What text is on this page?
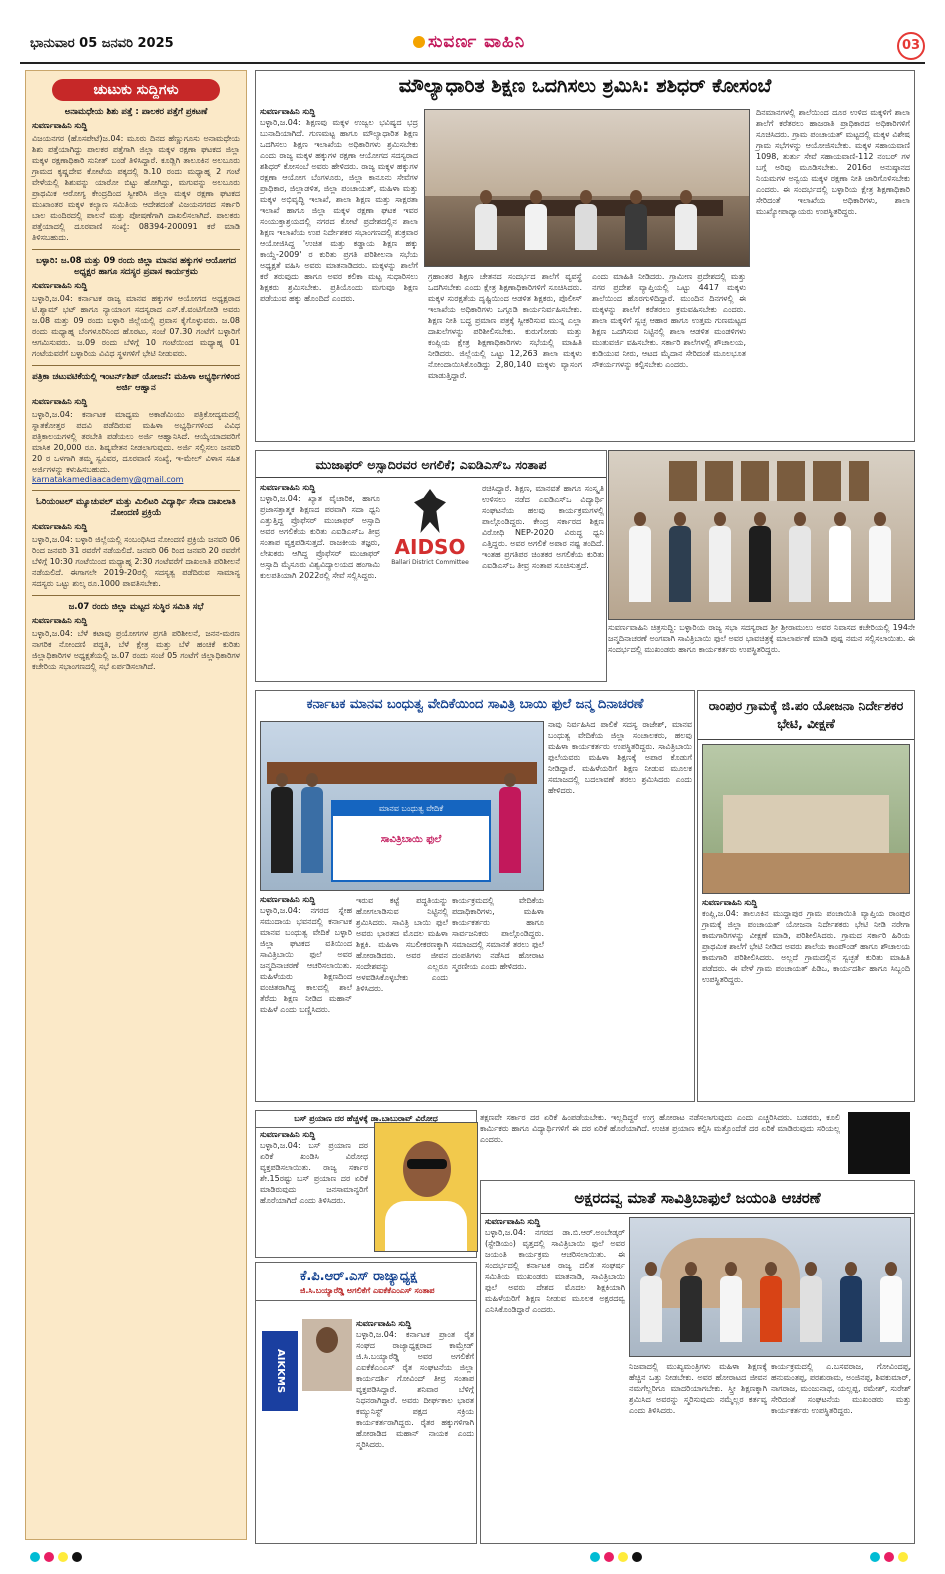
ಭಾನುವಾರ 05 ಜನವರಿ 2025	ಸುವರ್ಣ ವಾಹಿನಿ	03
ಚುಟುಕು ಸುದ್ದಿಗಳು
ಅನಾಮಧೇಯ ಶಿಶು ಪತ್ತೆ : ಪಾಲಕರ ಪತ್ತೆಗೆ ಪ್ರಕಟಣೆ
ಸುವರ್ಣವಾಹಿನಿ ಸುದ್ದಿ
ವಿಜಯನಗರ (ಹೊಸಪೇಟೆ)ಜ.04: ಮೂರು ದಿನದ ಹೆಣ್ಣುಗೂಸು ಅನಾಮಧೇಯ ಶಿಶು ಪತ್ತೆಯಾಗಿದ್ದು ಪಾಲಕರ ಪತ್ತೆಗಾಗಿ ಜಿಲ್ಲಾ ಮಕ್ಕಳ ರಕ್ಷಣಾ ಘಟಕದ ಜಿಲ್ಲಾ ಮಕ್ಕಳ ರಕ್ಷಣಾಧಿಕಾರಿ ಸುನೀತ್ ಬಂಡೆ ತಿಳಿಸಿದ್ದಾರೆ. ಕೂಡ್ಲಿಗಿ ತಾಲೂಕಿನ ಅಲಬೂರು ಗ್ರಾಮದ ಕೃಷ್ಣದೇವ ಕೋಟೆಯ ಪಕ್ಕದಲ್ಲಿ ಡಿ.10 ರಂದು ಮಧ್ಯಾಹ್ನ 2 ಗಂಟೆ ವೇಳೆಯಲ್ಲಿ ಶಿಶುವನ್ನು ಯಾರೋ ಬಿಟ್ಟು ಹೋಗಿದ್ದು, ಮಗುವನ್ನು ಅಲಬೂರು ಪ್ರಾಥಮಿಕ ಆರೋಗ್ಯ ಕೇಂದ್ರದಿಂದ ಸ್ವೀಕರಿಸಿ ಜಿಲ್ಲಾ ಮಕ್ಕಳ ರಕ್ಷಣಾ ಘಟಕದ ಮುಖಾಂತರ ಮಕ್ಕಳ ಕಲ್ಯಾಣ ಸಮಿತಿಯ ಆದೇಶದಂತೆ ವಿಜಯನಗರದ ಸರ್ಕಾರಿ ಬಾಲ ಮಂದಿರದಲ್ಲಿ ಪಾಲನೆ ಮತ್ತು ಪೋಷಣೆಗಾಗಿ ದಾಖಲಿಸಲಾಗಿದೆ. ಪಾಲಕರು ಪತ್ತೆಯಾದಲ್ಲಿ ದೂರವಾಣಿ ಸಂಖ್ಯೆ: 08394-200091 ಕರೆ ಮಾಡಿ ತಿಳಿಸಬಹುದು.
ಬಳ್ಳಾರಿ: ಜ.08 ಮತ್ತು 09 ರಂದು ಜಿಲ್ಲಾ ಮಾನವ ಹಕ್ಕುಗಳ ಆಯೋಗದ ಅಧ್ಯಕ್ಷರ ಹಾಗೂ ಸದಸ್ಯರ ಪ್ರವಾಸ ಕಾರ್ಯಕ್ರಮ
ಸುವರ್ಣವಾಹಿನಿ ಸುದ್ದಿ
ಬಳ್ಳಾರಿ,ಜ.04: ಕರ್ನಾಟಕ ರಾಜ್ಯ ಮಾನವ ಹಕ್ಕುಗಳ ಆಯೋಗದ ಅಧ್ಯಕ್ಷರಾದ ಟಿ.ಶ್ಯಾಮ್ ಭಟ್ ಹಾಗೂ ನ್ಯಾಯಾಂಗ ಸದಸ್ಯರಾದ ಎಸ್.ಕೆ.ವಂಟಿಗೋಡಿ ಅವರು ಜ.08 ಮತ್ತು 09 ರಂದು ಬಳ್ಳಾರಿ ಜಿಲ್ಲೆಯಲ್ಲಿ ಪ್ರವಾಸ ಕೈಗೊಳ್ಳುವರು. ಜ.08 ರಂದು ಮಧ್ಯಾಹ್ನ ಬೆಂಗಳೂರಿನಿಂದ ಹೊರಟು, ಸಂಜೆ 07.30 ಗಂಟೆಗೆ ಬಳ್ಳಾರಿಗೆ ಆಗಮಿಸುವರು. ಜ.09 ರಂದು ಬೆಳಿಗ್ಗೆ 10 ಗಂಟೆಯಿಂದ ಮಧ್ಯಾಹ್ನ 01 ಗಂಟೆಯವರೆಗೆ ಬಳ್ಳಾರಿಯ ವಿವಿಧ ಸ್ಥಳಗಳಿಗೆ ಭೇಟಿ ನೀಡುವರು.
ಪತ್ರಿಕಾ ಚಟುವಟಿಕೆಯಲ್ಲಿ ಇಂಟರ್ನ್‌ಶಿಪ್ ಯೋಜನೆ: ಮಹಿಳಾ ಅಭ್ಯರ್ಥಿಗಳಿಂದ ಅರ್ಜಿ ಆಹ್ವಾನ
ಸುವರ್ಣವಾಹಿನಿ ಸುದ್ದಿ
ಬಳ್ಳಾರಿ,ಜ.04: ಕರ್ನಾಟಕ ಮಾಧ್ಯಮ ಅಕಾಡೆಮಿಯು ಪತ್ರಿಕೋದ್ಯಮದಲ್ಲಿ ಸ್ನಾತಕೋತ್ತರ ಪದವಿ ಪಡೆದಿರುವ ಮಹಿಳಾ ಅಭ್ಯರ್ಥಿಗಳಿಂದ ವಿವಿಧ ಪತ್ರಿಕಾಲಯಗಳಲ್ಲಿ ತರಬೇತಿ ಪಡೆಯಲು ಅರ್ಜಿ ಆಹ್ವಾನಿಸಿದೆ. ಆಯ್ಕೆಯಾದವರಿಗೆ ಮಾಸಿಕ 20,000 ರೂ. ಶಿಷ್ಯವೇತನ ನೀಡಲಾಗುವುದು. ಅರ್ಜಿ ಸಲ್ಲಿಸಲು ಜನವರಿ 20 ರ ಒಳಗಾಗಿ ತಮ್ಮ ಸ್ವವಿವರ, ದೂರವಾಣಿ ಸಂಖ್ಯೆ, ಇ-ಮೇಲ್ ವಿಳಾಸ ಸಹಿತ ಅರ್ಜಿಗಳನ್ನು ಕಳುಹಿಸಬಹುದು.
karnatakamediaacademy@gmail.com
ಓರಿಯಂಟಲ್ ಮ್ಯೂಚುವಲ್ ಮತ್ತು ಮಿಲಿಟರಿ ವಿದ್ಯಾರ್ಥಿ ಸೇವಾ ದಾಖಲಾತಿ ನೋಂದಣಿ ಪ್ರಕ್ರಿಯೆ
ಸುವರ್ಣವಾಹಿನಿ ಸುದ್ದಿ
ಬಳ್ಳಾರಿ,ಜ.04: ಬಳ್ಳಾರಿ ಜಿಲ್ಲೆಯಲ್ಲಿ ಸಂಬಂಧಿಸಿದ ನೋಂದಣಿ ಪ್ರಕ್ರಿಯೆ ಜನವರಿ 06 ರಿಂದ ಜನವರಿ 31 ರವರೆಗೆ ನಡೆಯಲಿದೆ. ಜನವರಿ 06 ರಿಂದ ಜನವರಿ 20 ರವರೆಗೆ ಬೆಳಿಗ್ಗೆ 10:30 ಗಂಟೆಯಿಂದ ಮಧ್ಯಾಹ್ನ 2:30 ಗಂಟೆವರೆಗೆ ದಾಖಲಾತಿ ಪರಿಶೀಲನೆ ನಡೆಯಲಿದೆ. ಈಗಾಗಲೇ 2019-20ರಲ್ಲಿ ಸದಸ್ಯತ್ವ ಪಡೆದಿರುವ ಸಾಮಾನ್ಯ ಸದಸ್ಯರು ಒಟ್ಟು ಶುಲ್ಕ ರೂ.1000 ಪಾವತಿಸಬೇಕು.
ಜ.07 ರಂದು ಜಿಲ್ಲಾ ಮಟ್ಟದ ಸುಸ್ಥಿರ ಸಮಿತಿ ಸಭೆ
ಸುವರ್ಣವಾಹಿನಿ ಸುದ್ದಿ
ಬಳ್ಳಾರಿ,ಜ.04: ಬೆಳೆ ಕಟಾವು ಪ್ರಯೋಗಗಳ ಪ್ರಗತಿ ಪರಿಶೀಲನೆ, ಜನನ-ಮರಣ ನಾಗರಿಕ ನೋಂದಣಿ ಪದ್ಧತಿ, ಬೆಳೆ ಕ್ಷೇತ್ರ ಮತ್ತು ಬೆಳೆ ಹಂಚಿಕೆ ಕುರಿತು ಜಿಲ್ಲಾಧಿಕಾರಿಗಳ ಅಧ್ಯಕ್ಷತೆಯಲ್ಲಿ ಜ.07 ರಂದು ಸಂಜೆ 05 ಗಂಟೆಗೆ ಜಿಲ್ಲಾಧಿಕಾರಿಗಳ ಕಚೇರಿಯ ಸಭಾಂಗಣದಲ್ಲಿ ಸಭೆ ಏರ್ಪಡಿಸಲಾಗಿದೆ.
ಮೌಲ್ಯಾಧಾರಿತ ಶಿಕ್ಷಣ ಒದಗಿಸಲು ಶ್ರಮಿಸಿ: ಶಶಿಧರ್ ಕೋಸಂಬೆ
ಸುವರ್ಣವಾಹಿನಿ ಸುದ್ದಿ
ಬಳ್ಳಾರಿ,ಜ.04: ಶಿಕ್ಷಣವು ಮಕ್ಕಳ ಉಜ್ವಲ ಭವಿಷ್ಯದ ಭದ್ರ ಬುನಾದಿಯಾಗಿದೆ. ಗುಣಮಟ್ಟ ಹಾಗೂ ಮೌಲ್ಯಾಧಾರಿತ ಶಿಕ್ಷಣ ಒದಗಿಸಲು ಶಿಕ್ಷಣ ಇಲಾಖೆಯ ಅಧಿಕಾರಿಗಳು ಶ್ರಮಿಸಬೇಕು ಎಂದು ರಾಜ್ಯ ಮಕ್ಕಳ ಹಕ್ಕುಗಳ ರಕ್ಷಣಾ ಆಯೋಗದ ಸದಸ್ಯರಾದ ಶಶಿಧರ್ ಕೋಸಂಬೆ ಅವರು ಹೇಳಿದರು. ರಾಜ್ಯ ಮಕ್ಕಳ ಹಕ್ಕುಗಳ ರಕ್ಷಣಾ ಆಯೋಗ ಬೆಂಗಳೂರು, ಜಿಲ್ಲಾ ಕಾನೂನು ಸೇವೆಗಳ ಪ್ರಾಧಿಕಾರ, ಜಿಲ್ಲಾಡಳಿತ, ಜಿಲ್ಲಾ ಪಂಚಾಯತ್, ಮಹಿಳಾ ಮತ್ತು ಮಕ್ಕಳ ಅಭಿವೃದ್ಧಿ ಇಲಾಖೆ, ಶಾಲಾ ಶಿಕ್ಷಣ ಮತ್ತು ಸಾಕ್ಷರತಾ ಇಲಾಖೆ ಹಾಗೂ ಜಿಲ್ಲಾ ಮಕ್ಕಳ ರಕ್ಷಣಾ ಘಟಕ ಇವರ ಸಂಯುಕ್ತಾಶ್ರಯದಲ್ಲಿ ನಗರದ ಕೋಟೆ ಪ್ರದೇಶದಲ್ಲಿನ ಶಾಲಾ ಶಿಕ್ಷಣ ಇಲಾಖೆಯ ಉಪ ನಿರ್ದೇಶಕರ ಸಭಾಂಗಣದಲ್ಲಿ ಶುಕ್ರವಾರ ಆಯೋಜಿಸಿದ್ದ 'ಉಚಿತ ಮತ್ತು ಕಡ್ಡಾಯ ಶಿಕ್ಷಣ ಹಕ್ಕು ಕಾಯ್ದೆ-2009' ರ ಕುರಿತು ಪ್ರಗತಿ ಪರಿಶೀಲನಾ ಸಭೆಯ ಅಧ್ಯಕ್ಷತೆ ವಹಿಸಿ ಅವರು ಮಾತನಾಡಿದರು. ಮಕ್ಕಳನ್ನು ಶಾಲೆಗೆ ಕರೆ ತರುವುದು ಹಾಗೂ ಅವರ ಕಲಿಕಾ ಮಟ್ಟ ಸುಧಾರಿಸಲು ಶಿಕ್ಷಕರು ಶ್ರಮಿಸಬೇಕು. ಪ್ರತಿಯೊಂದು ಮಗುವೂ ಶಿಕ್ಷಣ ಪಡೆಯುವ ಹಕ್ಕು ಹೊಂದಿದೆ ಎಂದರು.
ಗ್ರಹಾಂತರ ಶಿಕ್ಷಣ ಚೇತನದ ಸಂದರ್ಭದ ಶಾಲೆಗೆ ವ್ಯವಸ್ಥೆ ಒದಗಿಸಬೇಕು ಎಂದು ಕ್ಷೇತ್ರ ಶಿಕ್ಷಣಾಧಿಕಾರಿಗಳಿಗೆ ಸೂಚಿಸಿದರು. ಮಕ್ಕಳ ಸುರಕ್ಷತೆಯ ದೃಷ್ಟಿಯಿಂದ ಆಡಳಿತ ಶಿಕ್ಷಕರು, ಪೊಲೀಸ್ ಇಲಾಖೆಯ ಅಧಿಕಾರಿಗಳು ಒಗ್ಗೂಡಿ ಕಾರ್ಯನಿರ್ವಹಿಸಬೇಕು. ಶಿಕ್ಷಣ ನೀತಿ ಬದ್ಧ ಪ್ರಮಾಣ ಪತ್ರಕ್ಕೆ ಸ್ವೀಕರಿಸುವ ಮುನ್ನ ಎಲ್ಲಾ ದಾಖಲೆಗಳನ್ನು ಪರಿಶೀಲಿಸಬೇಕು. ಕುರುಗೋಡು ಮತ್ತು ಕಂಪ್ಲಿಯ ಕ್ಷೇತ್ರ ಶಿಕ್ಷಣಾಧಿಕಾರಿಗಳು ಸಭೆಯಲ್ಲಿ ಮಾಹಿತಿ ನೀಡಿದರು. ಜಿಲ್ಲೆಯಲ್ಲಿ ಒಟ್ಟು 12,263 ಶಾಲಾ ಮಕ್ಕಳು ನೋಂದಾಯಿಸಿಕೊಂಡಿದ್ದು 2,80,140 ಮಕ್ಕಳು ವ್ಯಾಸಂಗ ಮಾಡುತ್ತಿದ್ದಾರೆ.
ಎಂದು ಮಾಹಿತಿ ನೀಡಿದರು. ಗ್ರಾಮೀಣ ಪ್ರದೇಶದಲ್ಲಿ ಮತ್ತು ನಗರ ಪ್ರದೇಶ ವ್ಯಾಪ್ತಿಯಲ್ಲಿ ಒಟ್ಟು 4417 ಮಕ್ಕಳು ಶಾಲೆಯಿಂದ ಹೊರಗುಳಿದಿದ್ದಾರೆ. ಮುಂದಿನ ದಿನಗಳಲ್ಲಿ ಈ ಮಕ್ಕಳನ್ನು ಶಾಲೆಗೆ ಕರೆತರಲು ಕ್ರಮವಹಿಸಬೇಕು ಎಂದರು. ಶಾಲಾ ಮಕ್ಕಳಿಗೆ ಸ್ವಚ್ಛ ಆಹಾರ ಹಾಗೂ ಉತ್ತಮ ಗುಣಮಟ್ಟದ ಶಿಕ್ಷಣ ಒದಗಿಸುವ ನಿಟ್ಟಿನಲ್ಲಿ ಶಾಲಾ ಆಡಳಿತ ಮಂಡಳಿಗಳು ಮುತುವರ್ಜಿ ವಹಿಸಬೇಕು. ಸರ್ಕಾರಿ ಶಾಲೆಗಳಲ್ಲಿ ಶೌಚಾಲಯ, ಕುಡಿಯುವ ನೀರು, ಆಟದ ಮೈದಾನ ಸೇರಿದಂತೆ ಮೂಲಭೂತ ಸೌಕರ್ಯಗಳನ್ನು ಕಲ್ಪಿಸಬೇಕು ಎಂದರು.
ದಿನಮಾನಗಳಲ್ಲಿ ಶಾಲೆಯಿಂದ ದೂರ ಉಳಿದ ಮಕ್ಕಳಿಗೆ ಶಾಲಾ ಶಾಲೆಗೆ ಕರೆತರಲು ಹಾಜರಾತಿ ಪ್ರಾಧಿಕಾರದ ಅಧಿಕಾರಿಗಳಿಗೆ ಸೂಚಿಸಿದರು. ಗ್ರಾಮ ಪಂಚಾಯತ್ ಮಟ್ಟದಲ್ಲಿ ಮಕ್ಕಳ ವಿಶೇಷ ಗ್ರಾಮ ಸಭೆಗಳನ್ನು ಆಯೋಜಿಸಬೇಕು. ಮಕ್ಕಳ ಸಹಾಯವಾಣಿ 1098, ತುರ್ತು ಸೇವೆ ಸಹಾಯವಾಣಿ-112 ನಂಬರ್ ಗಳ ಬಗ್ಗೆ ಅರಿವು ಮೂಡಿಸಬೇಕು. 2016ರ ಅನುಷ್ಠಾನದ ನಿಯಮಗಳ ಅನ್ವಯ ಮಕ್ಕಳ ರಕ್ಷಣಾ ನೀತಿ ಜಾರಿಗೊಳಿಸಬೇಕು ಎಂದರು. ಈ ಸಂದರ್ಭದಲ್ಲಿ ಬಳ್ಳಾರಿಯ ಕ್ಷೇತ್ರ ಶಿಕ್ಷಣಾಧಿಕಾರಿ ಸೇರಿದಂತೆ ಇಲಾಖೆಯ ಅಧಿಕಾರಿಗಳು, ಶಾಲಾ ಮುಖ್ಯೋಪಾಧ್ಯಾಯರು ಉಪಸ್ಥಿತರಿದ್ದರು.
ಮುಜಾಫರ್ ಅಸ್ಸಾದಿರವರ ಅಗಲಿಕೆ; ಎಐಡಿಎಸ್ಒ ಸಂತಾಪ
ಸುವರ್ಣವಾಹಿನಿ ಸುದ್ದಿ
ಬಳ್ಳಾರಿ,ಜ.04: ಖ್ಯಾತ ವೈಚಾರಿಕ, ಹಾಗೂ ಪ್ರಜಾಸತ್ತಾತ್ಮಕ ಶಿಕ್ಷಣದ ಪರವಾಗಿ ಸದಾ ಧ್ವನಿ ಎತ್ತುತ್ತಿದ್ದ ಪ್ರೊಫೆಸರ್ ಮುಜಾಫರ್ ಅಸ್ಸಾದಿ ಅವರ ಅಗಲಿಕೆಯ ಕುರಿತು ಎಐಡಿಎಸ್ಒ ತೀವ್ರ ಸಂತಾಪ ವ್ಯಕ್ತಪಡಿಸುತ್ತದೆ. ರಾಜಕೀಯ ತಜ್ಞರು, ಲೇಖಕರು ಆಗಿದ್ದ ಪ್ರೊಫೆಸರ್ ಮುಜಾಫರ್ ಅಸ್ಸಾದಿ ಮೈಸೂರು ವಿಶ್ವವಿದ್ಯಾಲಯದ ಹಂಗಾಮಿ ಕುಲಪತಿಯಾಗಿ 2022ರಲ್ಲಿ ಸೇವೆ ಸಲ್ಲಿಸಿದ್ದರು.
AIDSO
Ballari District Committee
ರಚಿಸಿದ್ದಾರೆ. ಶಿಕ್ಷಣ, ಮಾನವತೆ ಹಾಗೂ ಸಂಸ್ಕೃತಿ ಉಳಿಸಲು ನಡೆದ ಎಐಡಿಎಸ್ಒ ವಿದ್ಯಾರ್ಥಿ ಸಂಘಟನೆಯ ಹಲವು ಕಾರ್ಯಕ್ರಮಗಳಲ್ಲಿ ಪಾಲ್ಗೊಂಡಿದ್ದರು. ಕೇಂದ್ರ ಸರ್ಕಾರದ ಶಿಕ್ಷಣ ವಿರೋಧಿ NEP-2020 ವಿರುದ್ಧ ಧ್ವನಿ ಎತ್ತಿದ್ದರು. ಅವರ ಅಗಲಿಕೆ ಅಪಾರ ನಷ್ಟ ತಂದಿದೆ. ಇಂತಹ ಪ್ರಗತಿಪರ ಚಿಂತಕರ ಅಗಲಿಕೆಯ ಕುರಿತು ಎಐಡಿಎಸ್ಒ ತೀವ್ರ ಸಂತಾಪ ಸೂಚಿಸುತ್ತದೆ.
ಸುವರ್ಣವಾಹಿನಿ ಚಿತ್ರಸುದ್ದಿ: ಬಳ್ಳಾರಿಯ ರಾಜ್ಯ ಸಭಾ ಸದಸ್ಯರಾದ ಶ್ರೀ ಶ್ರೀರಾಮುಲು ಅವರ ನಿವಾಸದ ಕಚೇರಿಯಲ್ಲಿ 194ನೇ ಜನ್ಮದಿನಾಚರಣೆ ಅಂಗವಾಗಿ ಸಾವಿತ್ರಿಬಾಯಿ ಫುಲೆ ಅವರ ಭಾವಚಿತ್ರಕ್ಕೆ ಮಾಲಾರ್ಪಣೆ ಮಾಡಿ ಪುಷ್ಪ ನಮನ ಸಲ್ಲಿಸಲಾಯಿತು. ಈ ಸಂದರ್ಭದಲ್ಲಿ ಮುಖಂಡರು ಹಾಗೂ ಕಾರ್ಯಕರ್ತರು ಉಪಸ್ಥಿತರಿದ್ದರು.
ಕರ್ನಾಟಕ ಮಾನವ ಬಂಧುತ್ವ ವೇದಿಕೆಯಿಂದ ಸಾವಿತ್ರಿ ಬಾಯಿ ಫುಲೆ ಜನ್ಮ ದಿನಾಚರಣೆ
ಮಾನವ ಬಂಧುತ್ವ ವೇದಿಕೆ
ಸಾವಿತ್ರಿಬಾಯಿ ಫುಲೆ
ನಾವು ನಿರ್ವಹಿಸಿದ ಪಾಲಿಕೆ ಸದಸ್ಯ ರಾಜೇಶ್, ಮಾನವ ಬಂಧುತ್ವ ವೇದಿಕೆಯ ಜಿಲ್ಲಾ ಸಂಚಾಲಕರು, ಹಲವು ಮಹಿಳಾ ಕಾರ್ಯಕರ್ತರು ಉಪಸ್ಥಿತರಿದ್ದರು. ಸಾವಿತ್ರಿಬಾಯಿ ಫುಲೆಯವರು ಮಹಿಳಾ ಶಿಕ್ಷಣಕ್ಕೆ ಅಪಾರ ಕೊಡುಗೆ ನೀಡಿದ್ದಾರೆ. ಮಹಿಳೆಯರಿಗೆ ಶಿಕ್ಷಣ ನೀಡುವ ಮೂಲಕ ಸಮಾಜದಲ್ಲಿ ಬದಲಾವಣೆ ತರಲು ಶ್ರಮಿಸಿದರು ಎಂದು ಹೇಳಿದರು.
ಸುವರ್ಣವಾಹಿನಿ ಸುದ್ದಿ
ಬಳ್ಳಾರಿ,ಜ.04: ನಗರದ ಸ್ನೇಹ ಸಮುದಾಯ ಭವನದಲ್ಲಿ ಕರ್ನಾಟಕ ಮಾನವ ಬಂಧುತ್ವ ವೇದಿಕೆ ಬಳ್ಳಾರಿ ಜಿಲ್ಲಾ ಘಟಕದ ವತಿಯಿಂದ ಸಾವಿತ್ರಿಬಾಯಿ ಫುಲೆ ಅವರ ಜನ್ಮದಿನಾಚರಣೆ ಆಚರಿಸಲಾಯಿತು. ಮಹಿಳೆಯರು ಶಿಕ್ಷಣದಿಂದ ವಂಚಿತರಾಗಿದ್ದ ಕಾಲದಲ್ಲಿ ಶಾಲೆ ತೆರೆದು ಶಿಕ್ಷಣ ನೀಡಿದ ಮಹಾನ್ ಮಹಿಳೆ ಎಂದು ಬಣ್ಣಿಸಿದರು.
ಇರುವ ಕಟ್ಟೆ ಪದ್ಧತಿಯನ್ನು ಹೋಗಲಾಡಿಸುವ ನಿಟ್ಟಿನಲ್ಲಿ ಶ್ರಮಿಸಿದರು. ಸಾವಿತ್ರಿ ಬಾಯಿ ಫುಲೆ ಅವರು ಭಾರತದ ಮೊದಲ ಮಹಿಳಾ ಶಿಕ್ಷಕಿ. ಮಹಿಳಾ ಸಬಲೀಕರಣಕ್ಕಾಗಿ ಹೋರಾಡಿದರು. ಅವರ ಜೀವನ ಸಂದೇಶವನ್ನು ಎಲ್ಲರೂ ಅಳವಡಿಸಿಕೊಳ್ಳಬೇಕು ಎಂದು ತಿಳಿಸಿದರು.
ಕಾರ್ಯಕ್ರಮದಲ್ಲಿ ವೇದಿಕೆಯ ಪದಾಧಿಕಾರಿಗಳು, ಮಹಿಳಾ ಕಾರ್ಯಕರ್ತರು ಹಾಗೂ ಸಾರ್ವಜನಿಕರು ಪಾಲ್ಗೊಂಡಿದ್ದರು. ಸಮಾಜದಲ್ಲಿ ಸಮಾನತೆ ತರಲು ಫುಲೆ ದಂಪತಿಗಳು ನಡೆಸಿದ ಹೋರಾಟ ಸ್ಮರಣೀಯ ಎಂದು ಹೇಳಿದರು.
ರಾಂಪುರ ಗ್ರಾಮಕ್ಕೆ ಜಿ.ಪಂ ಯೋಜನಾ ನಿರ್ದೇಶಕರ ಭೇಟಿ, ವೀಕ್ಷಣೆ
ಸುವರ್ಣವಾಹಿನಿ ಸುದ್ದಿ
ಕಂಪ್ಲಿ,ಜ.04: ತಾಲೂಕಿನ ಮುದ್ದಾಪುರ ಗ್ರಾಮ ಪಂಚಾಯಿತಿ ವ್ಯಾಪ್ತಿಯ ರಾಂಪುರ ಗ್ರಾಮಕ್ಕೆ ಜಿಲ್ಲಾ ಪಂಚಾಯತ್ ಯೋಜನಾ ನಿರ್ದೇಶಕರು ಭೇಟಿ ನೀಡಿ ನರೇಗಾ ಕಾಮಗಾರಿಗಳನ್ನು ವೀಕ್ಷಣೆ ಮಾಡಿ, ಪರಿಶೀಲಿಸಿದರು. ಗ್ರಾಮದ ಸರ್ಕಾರಿ ಹಿರಿಯ ಪ್ರಾಥಮಿಕ ಶಾಲೆಗೆ ಭೇಟಿ ನೀಡಿದ ಅವರು ಶಾಲೆಯ ಕಾಂಪೌಂಡ್ ಹಾಗೂ ಶೌಚಾಲಯ ಕಾಮಗಾರಿ ಪರಿಶೀಲಿಸಿದರು. ಅಲ್ಲದೆ ಗ್ರಾಮದಲ್ಲಿನ ಸ್ವಚ್ಛತೆ ಕುರಿತು ಮಾಹಿತಿ ಪಡೆದರು. ಈ ವೇಳೆ ಗ್ರಾಮ ಪಂಚಾಯತ್ ಪಿಡಿಒ, ಕಾರ್ಯದರ್ಶಿ ಹಾಗೂ ಸಿಬ್ಬಂದಿ ಉಪಸ್ಥಿತರಿದ್ದರು.
ಬಸ್ ಪ್ರಯಾಣ ದರ ಹೆಚ್ಚಳಕ್ಕೆ ಡಾ.ಬಾಬುರಾವ್ ವಿರೋಧ
ಸುವರ್ಣವಾಹಿನಿ ಸುದ್ದಿ
ಬಳ್ಳಾರಿ,ಜ.04: ಬಸ್ ಪ್ರಯಾಣ ದರ ಏರಿಕೆ ಖಂಡಿಸಿ ವಿರೋಧ ವ್ಯಕ್ತಪಡಿಸಲಾಯಿತು. ರಾಜ್ಯ ಸರ್ಕಾರ ಶೇ.15ರಷ್ಟು ಬಸ್ ಪ್ರಯಾಣ ದರ ಏರಿಕೆ ಮಾಡಿರುವುದು ಜನಸಾಮಾನ್ಯರಿಗೆ ಹೊರೆಯಾಗಿದೆ ಎಂದು ತಿಳಿಸಿದರು.
ತಕ್ಷಣವೇ ಸರ್ಕಾರ ದರ ಏರಿಕೆ ಹಿಂಪಡೆಯಬೇಕು. ಇಲ್ಲದಿದ್ದರೆ ಉಗ್ರ ಹೋರಾಟ ನಡೆಸಲಾಗುವುದು ಎಂದು ಎಚ್ಚರಿಸಿದರು. ಬಡವರು, ಕೂಲಿ ಕಾರ್ಮಿಕರು ಹಾಗೂ ವಿದ್ಯಾರ್ಥಿಗಳಿಗೆ ಈ ದರ ಏರಿಕೆ ಹೊರೆಯಾಗಿದೆ. ಉಚಿತ ಪ್ರಯಾಣ ಕಲ್ಪಿಸಿ ಮತ್ತೊಂದೆಡೆ ದರ ಏರಿಕೆ ಮಾಡಿರುವುದು ಸರಿಯಲ್ಲ ಎಂದರು.
ಕೆ.ಪಿ.ಆರ್.ಎಸ್ ರಾಜ್ಯಾಧ್ಯಕ್ಷ
ಜಿ.ಸಿ.ಬಯ್ಯಾರೆಡ್ಡಿ ಅಗಲಿಕೆಗೆ ಎಐಕೆಕೆಎಂಎಸ್ ಸಂತಾಪ
AIKKMS
ಸುವರ್ಣವಾಹಿನಿ ಸುದ್ದಿ
ಬಳ್ಳಾರಿ,ಜ.04: ಕರ್ನಾಟಕ ಪ್ರಾಂತ ರೈತ ಸಂಘದ ರಾಜ್ಯಾಧ್ಯಕ್ಷರಾದ ಕಾಮ್ರೇಡ್ ಜಿ.ಸಿ.ಬಯ್ಯಾರೆಡ್ಡಿ ಅವರ ಅಗಲಿಕೆಗೆ ಎಐಕೆಕೆಎಂಎಸ್ ರೈತ ಸಂಘಟನೆಯ ಜಿಲ್ಲಾ ಕಾರ್ಯದರ್ಶಿ ಗೋವಿಂದ್ ತೀವ್ರ ಸಂತಾಪ ವ್ಯಕ್ತಪಡಿಸಿದ್ದಾರೆ. ಶನಿವಾರ ಬೆಳಿಗ್ಗೆ ನಿಧನರಾಗಿದ್ದಾರೆ. ಅವರು ದೀರ್ಘಕಾಲ ಭಾರತ ಕಮ್ಯುನಿಸ್ಟ್ ಪಕ್ಷದ ಸಕ್ರಿಯ ಕಾರ್ಯಕರ್ತರಾಗಿದ್ದರು. ರೈತರ ಹಕ್ಕುಗಳಿಗಾಗಿ ಹೋರಾಡಿದ ಮಹಾನ್ ನಾಯಕ ಎಂದು ಸ್ಮರಿಸಿದರು.
ಅಕ್ಷರದವ್ವ ಮಾತೆ ಸಾವಿತ್ರಿಬಾಫುಲೆ ಜಯಂತಿ ಆಚರಣೆ
ಸುವರ್ಣವಾಹಿನಿ ಸುದ್ದಿ
ಬಳ್ಳಾರಿ,ಜ.04: ನಗರದ ಡಾ.ಬಿ.ಆರ್.ಅಂಬೇಡ್ಕರ್ (ಸ್ಟೇಡಿಯಂ) ವೃತ್ತದಲ್ಲಿ ಸಾವಿತ್ರಿಬಾಯಿ ಫುಲೆ ಅವರ ಜಯಂತಿ ಕಾರ್ಯಕ್ರಮ ಆಚರಿಸಲಾಯಿತು. ಈ ಸಂದರ್ಭದಲ್ಲಿ ಕರ್ನಾಟಕ ರಾಜ್ಯ ದಲಿತ ಸಂಘರ್ಷ ಸಮಿತಿಯ ಮುಖಂಡರು ಮಾತನಾಡಿ, ಸಾವಿತ್ರಿಬಾಯಿ ಫುಲೆ ಅವರು ದೇಶದ ಮೊದಲ ಶಿಕ್ಷಕಿಯಾಗಿ ಮಹಿಳೆಯರಿಗೆ ಶಿಕ್ಷಣ ನೀಡುವ ಮೂಲಕ ಅಕ್ಷರದವ್ವ ಎನಿಸಿಕೊಂಡಿದ್ದಾರೆ ಎಂದರು.
ನಿಜವಾದಲ್ಲಿ ಮುಖ್ಯಮಂತ್ರಿಗಳು ಮಹಿಳಾ ಶಿಕ್ಷಣಕ್ಕೆ ಹೆಚ್ಚಿನ ಒತ್ತು ನೀಡಬೇಕು. ಅವರ ಹೋರಾಟದ ಜೀವನ ನಮಗೆಲ್ಲರಿಗೂ ಮಾದರಿಯಾಗಬೇಕು. ಸ್ತ್ರೀ ಶಿಕ್ಷಣಕ್ಕಾಗಿ ಶ್ರಮಿಸಿದ ಅವರನ್ನು ಸ್ಮರಿಸುವುದು ನಮ್ಮೆಲ್ಲರ ಕರ್ತವ್ಯ ಎಂದು ತಿಳಿಸಿದರು.
ಕಾರ್ಯಕ್ರಮದಲ್ಲಿ ಎ.ಬಸವರಾಜ, ಗೋವಿಂದಪ್ಪ, ಹನುಮಂತಪ್ಪ, ಪರಶುರಾಮ, ಅಂಜಿನಪ್ಪ, ಶಿವಕುಮಾರ್, ನಾಗರಾಜ, ಮಂಜುನಾಥ, ಯಲ್ಲಪ್ಪ, ರಮೇಶ್, ಸುರೇಶ್ ಸೇರಿದಂತೆ ಸಂಘಟನೆಯ ಮುಖಂಡರು ಮತ್ತು ಕಾರ್ಯಕರ್ತರು ಉಪಸ್ಥಿತರಿದ್ದರು.
